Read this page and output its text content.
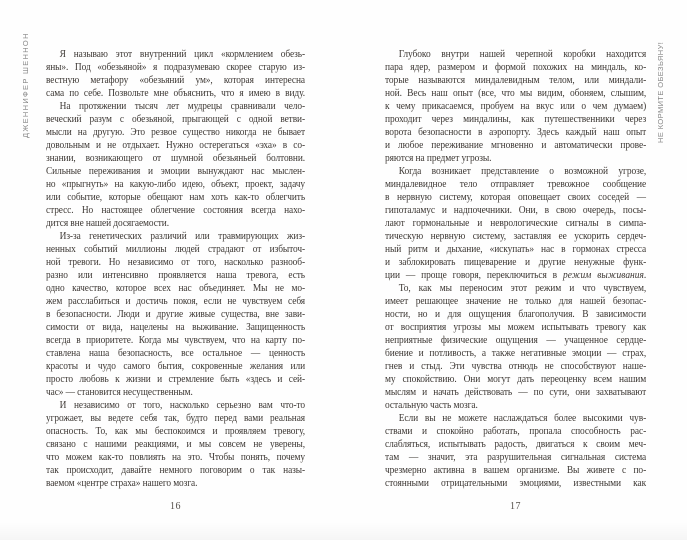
ДЖЕННИФЕР ШЕННОН	НЕ КОРМИТЕ ОБЕЗЬЯНУ!
Я называю этот внутренний цикл «кормлением обезь-
яны». Под «обезьяной» я подразумеваю скорее старую из-
вестную метафору «обезьяний ум», которая интересна
сама по себе. Позвольте мне объяснить, что я имею в виду.
На протяжении тысяч лет мудрецы сравнивали чело-
веческий разум с обезьяной, прыгающей с одной ветви-
мысли на другую. Это резвое существо никогда не бывает
довольным и не отдыхает. Нужно остерегаться «эха» в со-
знании, возникающего от шумной обезьяньей болтовни.
Сильные переживания и эмоции вынуждают нас мыслен-
но «прыгнуть» на какую-либо идею, объект, проект, задачу
или событие, которые обещают нам хоть как-то облегчить
стресс. Но настоящее облегчение состояния всегда нахо-
дится вне нашей досягаемости.
Из-за генетических различий или травмирующих жиз-
ненных событий миллионы людей страдают от избыточ-
ной тревоги. Но независимо от того, насколько разнооб-
разно или интенсивно проявляется наша тревога, есть
одно качество, которое всех нас объединяет. Мы не мо-
жем расслабиться и достичь покоя, если не чувствуем себя
в безопасности. Люди и другие живые существа, вне зави-
симости от вида, нацелены на выживание. Защищенность
всегда в приоритете. Когда мы чувствуем, что на карту по-
ставлена наша безопасность, все остальное — ценность
красоты и чудо самого бытия, сокровенные желания или
просто любовь к жизни и стремление быть «здесь и сей-
час» — становится несущественным.
И независимо от того, насколько серьезно вам что-то
угрожает, вы ведете себя так, будто перед вами реальная
опасность. То, как мы беспокоимся и проявляем тревогу,
связано с нашими реакциями, и мы совсем не уверены,
что можем как-то повлиять на это. Чтобы понять, почему
так происходит, давайте немного поговорим о так назы-
ваемом «центре страха» нашего мозга.
Глубоко внутри нашей черепной коробки находится
пара ядер, размером и формой похожих на миндаль, ко-
торые называются миндалевидным телом, или миндали-
ной. Весь наш опыт (все, что мы видим, обоняем, слышим,
к чему прикасаемся, пробуем на вкус или о чем думаем)
проходит через миндалины, как путешественники через
ворота безопасности в аэропорту. Здесь каждый наш опыт
и любое переживание мгновенно и автоматически прове-
ряются на предмет угрозы.
Когда возникает представление о возможной угрозе,
миндалевидное тело отправляет тревожное сообщение
в нервную систему, которая оповещает своих соседей —
гипоталамус и надпочечники. Они, в свою очередь, посы-
лают гормональные и неврологические сигналы в симпа-
тическую нервную систему, заставляя ее ускорить сердеч-
ный ритм и дыхание, «искупать» нас в гормонах стресса
и заблокировать пищеварение и другие ненужные функ-
ции — проще говоря, переключиться в режим выживания.
То, как мы переносим этот режим и что чувствуем,
имеет решающее значение не только для нашей безопас-
ности, но и для ощущения благополучия. В зависимости
от восприятия угрозы мы можем испытывать тревогу как
неприятные физические ощущения — учащенное сердце-
биение и потливость, а также негативные эмоции — страх,
гнев и стыд. Эти чувства отнюдь не способствуют наше-
му спокойствию. Они могут дать переоценку всем нашим
мыслям и начать действовать — по сути, они захватывают
остальную часть мозга.
Если вы не можете наслаждаться более высокими чув-
ствами и спокойно работать, пропала способность рас-
слабляться, испытывать радость, двигаться к своим меч-
там — значит, эта разрушительная сигнальная система
чрезмерно активна в вашем организме. Вы живете с по-
стоянными отрицательными эмоциями, известными как
16	17
